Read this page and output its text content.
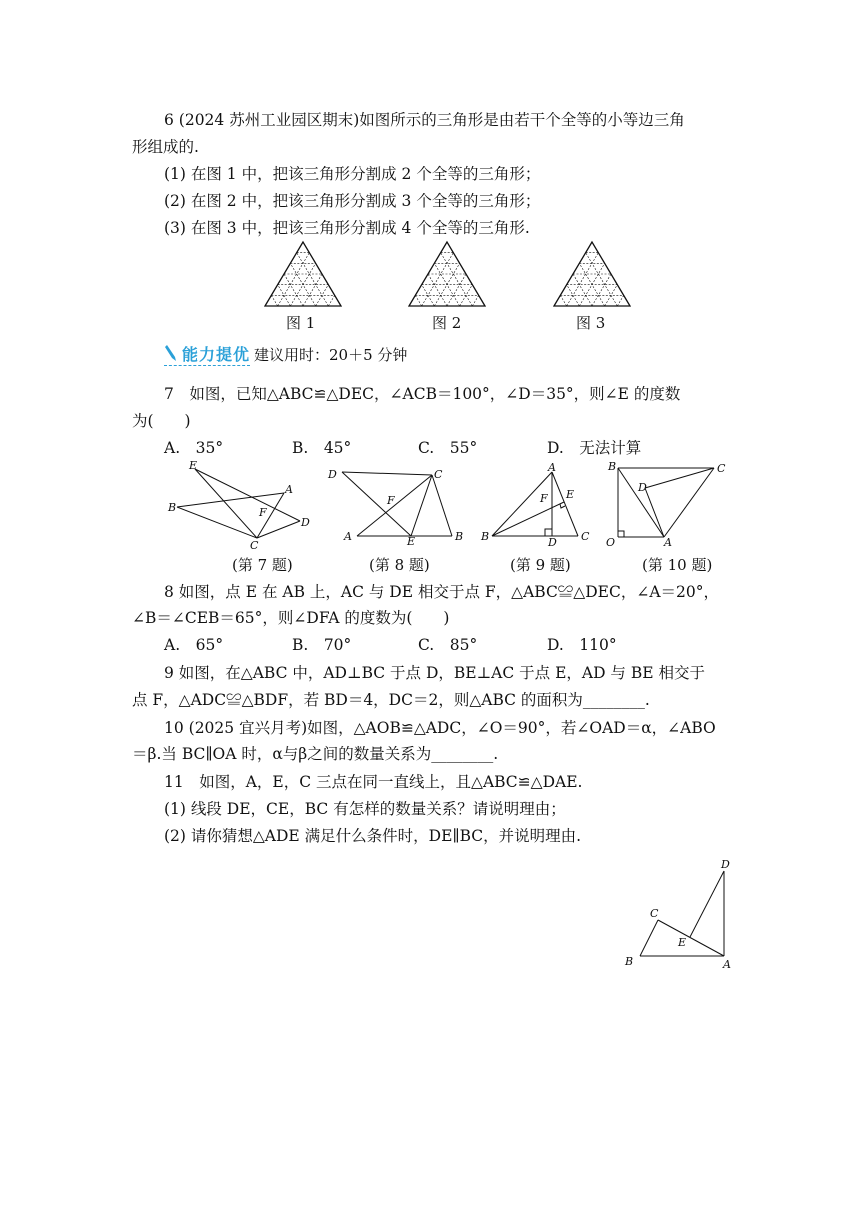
6 (2024 苏州工业园区期末)如图所示的三角形是由若干个全等的小等边三角
形组成的.
(1) 在图 1 中，把该三角形分割成 2 个全等的三角形；
(2) 在图 2 中，把该三角形分割成 3 个全等的三角形；
(3) 在图 3 中，把该三角形分割成 4 个全等的三角形.
图 1	图 2	图 3
能力提优 建议用时：20＋5 分钟
7　如图，已知△ABC≌△DEC，∠ACB＝100°，∠D＝35°，则∠E 的度数
为(　　)
A.　35°	B.　45°	C.　55°	D.　无法计算
E
A
B	F
C
D
D	C
F
A	E	B
A
F E
B	D C
B	C
D
O	A
(第 7 题)	(第 8 题)	(第 9 题)	(第 10 题)
8 如图，点 E 在 AB 上，AC 与 DE 相交于点 F，△ABC≌△DEC，∠A＝20°，
∠B＝∠CEB＝65°，则∠DFA 的度数为(　　)
A.　65°	B.　70°	C.　85°	D.　110°
9 如图，在△ABC 中，AD⊥BC 于点 D，BE⊥AC 于点 E，AD 与 BE 相交于
点 F，△ADC≌△BDF，若 BD＝4，DC＝2，则△ABC 的面积为________.
10 (2025 宜兴月考)如图，△AOB≌△ADC，∠O＝90°，若∠OAD＝α，∠ABO
＝β.当 BC∥OA 时，α与β之间的数量关系为________.
11　如图，A，E，C 三点在同一直线上，且△ABC≌△DAE.
(1) 线段 DE，CE，BC 有怎样的数量关系？请说明理由；
(2) 请你猜想△ADE 满足什么条件时，DE∥BC，并说明理由.
D
C
E
B	A
